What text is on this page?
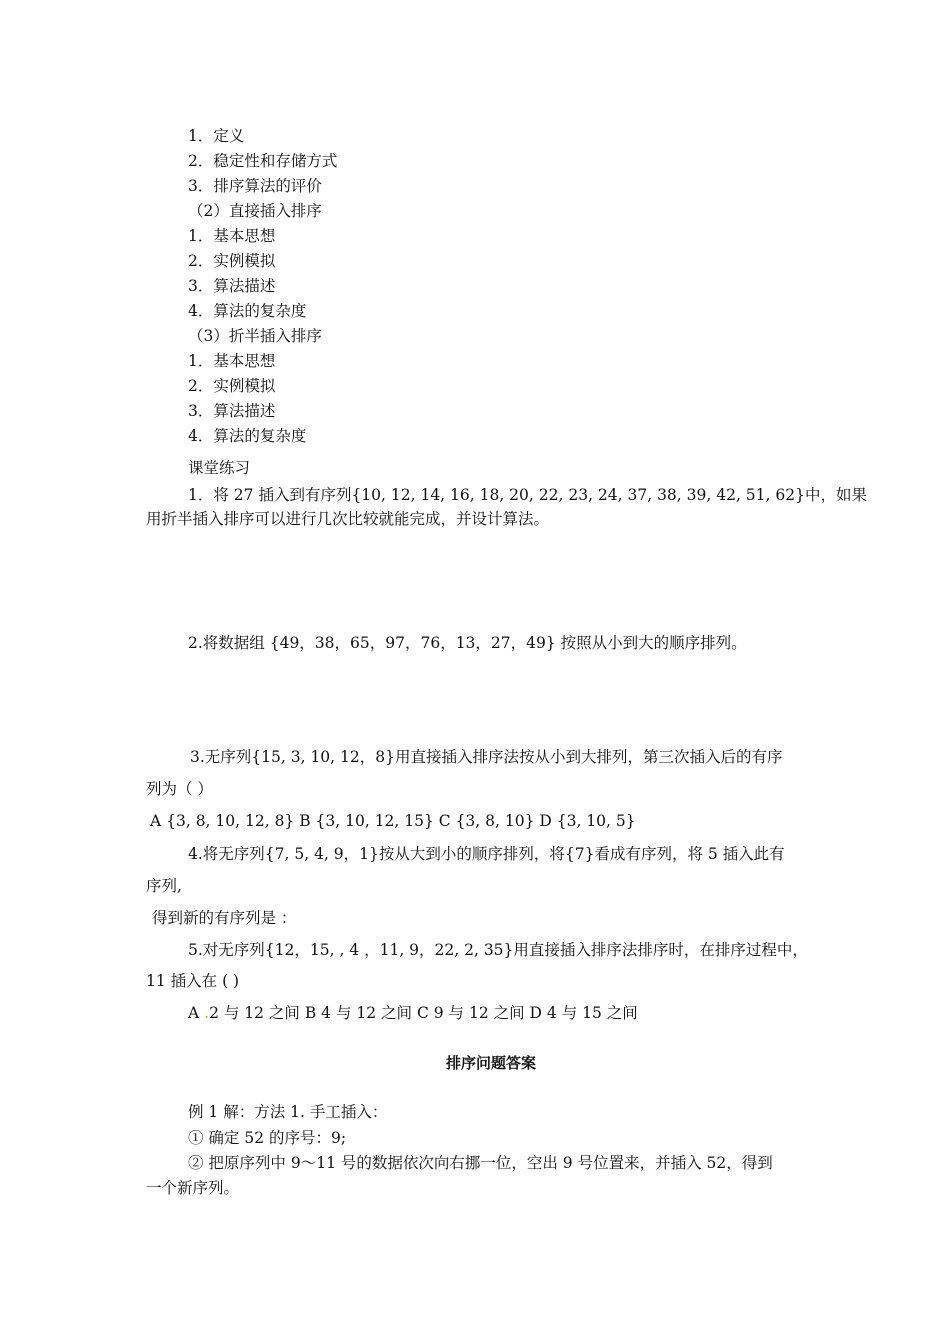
1．定义
2．稳定性和存储方式
3．排序算法的评价
（2）直接插入排序
1．基本思想
2．实例模拟
3．算法描述
4．算法的复杂度
（3）折半插入排序
1．基本思想
2．实例模拟
3．算法描述
4．算法的复杂度
课堂练习
1．将 27 插入到有序列{10, 12, 14, 16, 18, 20, 22, 23, 24, 37, 38, 39, 42, 51, 62}中，如果
用折半插入排序可以进行几次比较就能完成，并设计算法。
2.将数据组 {49，38，65，97，76，13，27，49} 按照从小到大的顺序排列。
3.无序列{15, 3, 10, 12，8}用直接插入排序法按从小到大排列，第三次插入后的有序
列为（ ）
A {3, 8, 10, 12, 8} B {3, 10, 12, 15} C {3, 8, 10} D {3, 10, 5}
4.将无序列{7, 5, 4, 9，1}按从大到小的顺序排列，将{7}看成有序列，将 5 插入此有
序列,
得到新的有序列是 ：
5.对无序列{12，15, , 4 ，11, 9，22, 2, 35}用直接插入排序法排序时，在排序过程中，
11 插入在 ( )
A .2 与 12 之间 B 4 与 12 之间 C 9 与 12 之间 D 4 与 15 之间
排序问题答案
例 1 解：方法 1. 手工插入：
① 确定 52 的序号：9;
② 把原序列中 9～11 号的数据依次向右挪一位，空出 9 号位置来，并插入 52，得到
一个新序列。
